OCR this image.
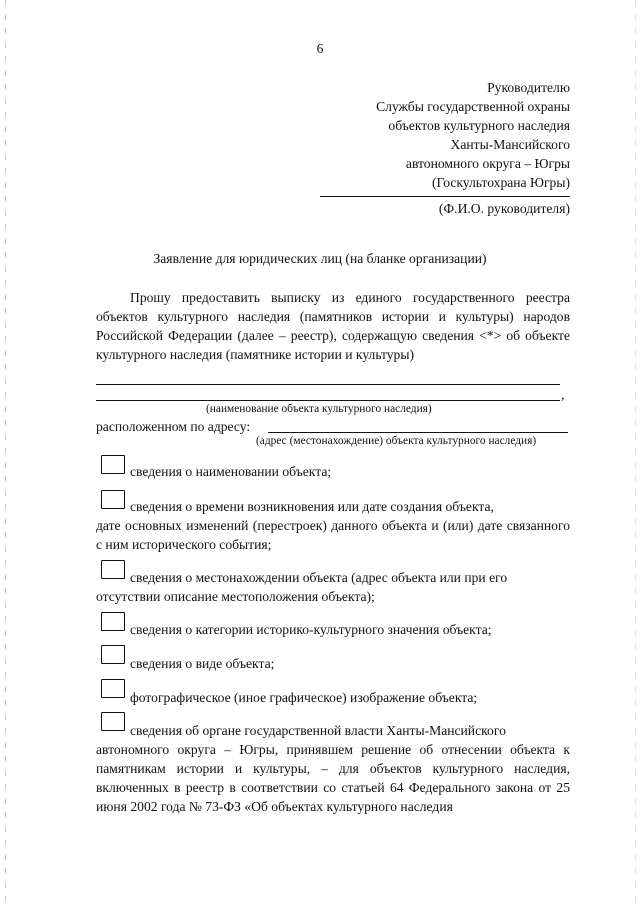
6
Руководителю
Службы государственной охраны
объектов культурного наследия
Ханты-Мансийского
автономного округа – Югры
(Госкультохрана Югры)
(Ф.И.О. руководителя)
Заявление для юридических лиц (на бланке организации)
Прошу предоставить выписку из единого государственного реестра объектов культурного наследия (памятников истории и культуры) народов Российской Федерации (далее – реестр), содержащую сведения <*> об объекте культурного наследия (памятнике истории и культуры)
,
(наименование объекта культурного наследия)
расположенном по адресу:
(адрес (местонахождение) объекта культурного наследия)
сведения о наименовании объекта;
сведения о времени возникновения или дате создания объекта,
дате основных изменений (перестроек) данного объекта и (или) дате связанного с ним исторического события;
сведения о местонахождении объекта (адрес объекта или при его
отсутствии описание местоположения объекта);
сведения о категории историко-культурного значения объекта;
сведения о виде объекта;
фотографическое (иное графическое) изображение объекта;
сведения об органе государственной власти Ханты-Мансийского
автономного округа – Югры, принявшем решение об отнесении объекта к памятникам истории и культуры, – для объектов культурного наследия, включенных в реестр в соответствии со статьей 64 Федерального закона от 25 июня 2002 года № 73-ФЗ «Об объектах культурного наследия
